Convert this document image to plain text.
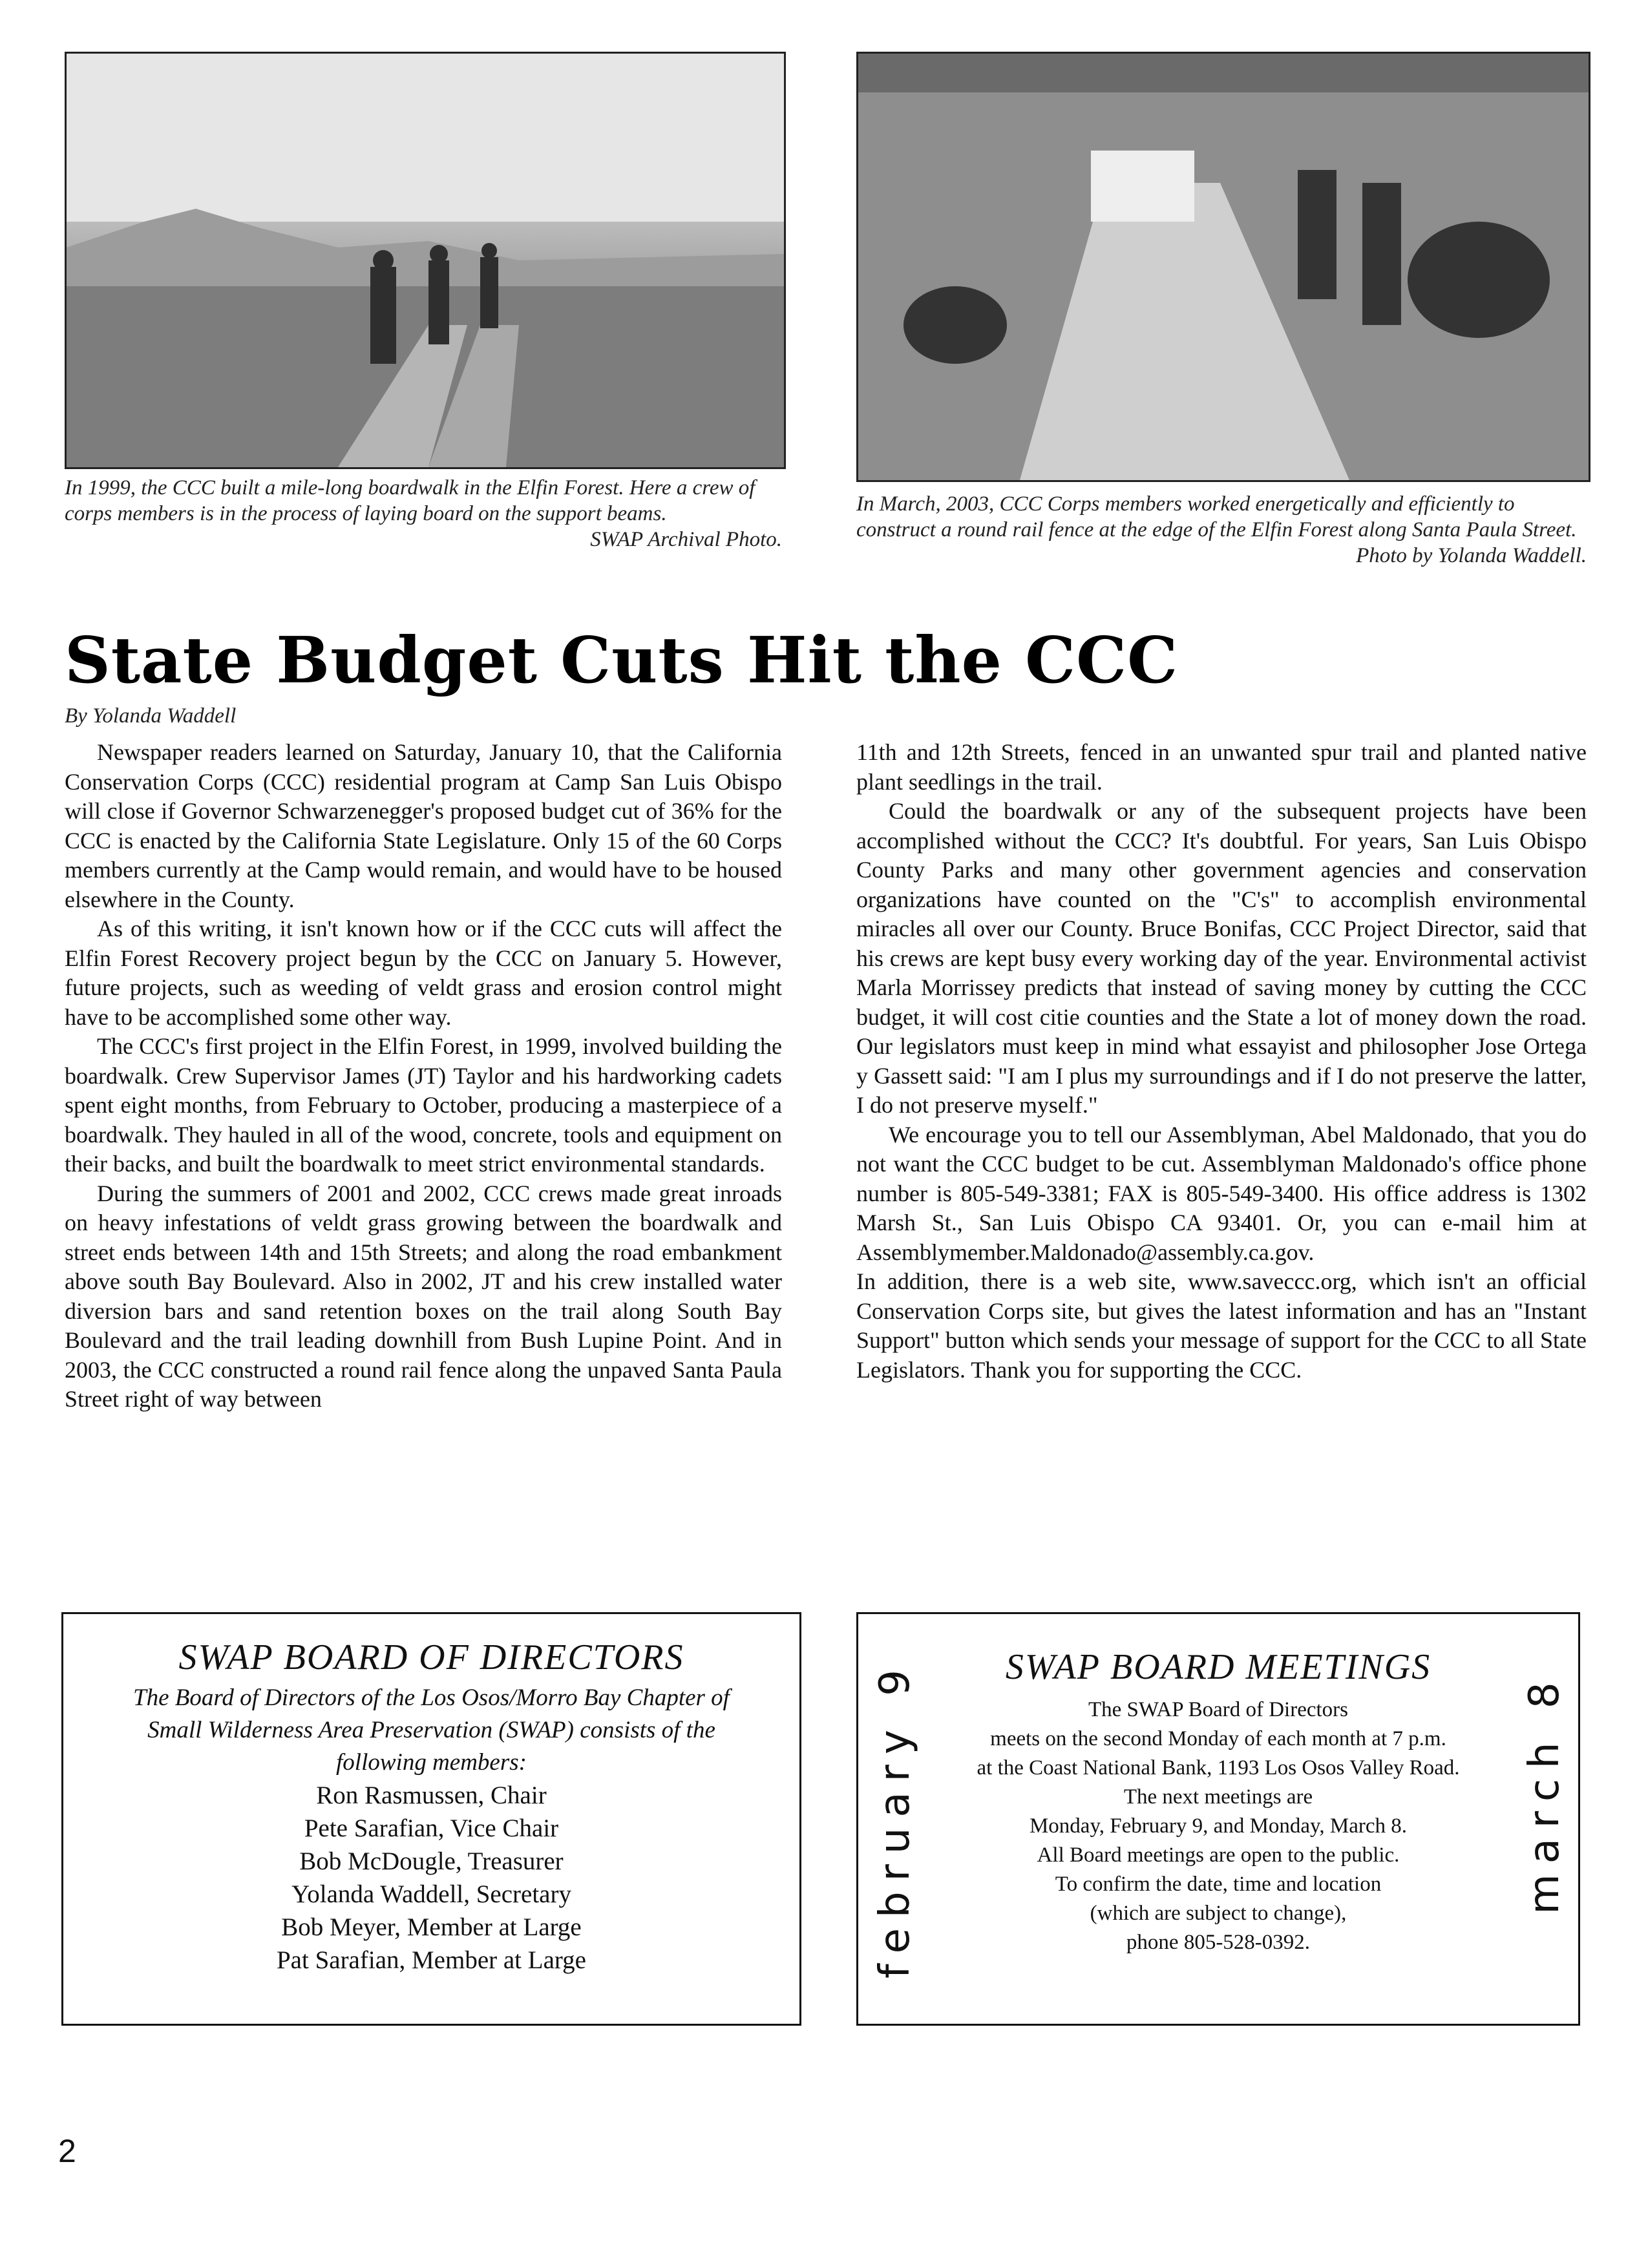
In 1999, the CCC built a mile-long boardwalk in the Elfin Forest. Here a crew of corps members is in the process of laying board on the support beams.
SWAP Archival Photo.
In March, 2003, CCC Corps members worked energetically and efficiently to construct a round rail fence at the edge of the Elfin Forest along Santa Paula Street.
Photo by Yolanda Waddell.
State Budget Cuts Hit the CCC
By Yolanda Waddell

Newspaper readers learned on Saturday, January 10, that the California Conservation Corps (CCC) residential program at Camp San Luis Obispo will close if Governor Schwarzenegger's proposed budget cut of 36% for the CCC is enacted by the California State Legislature. Only 15 of the 60 Corps members currently at the Camp would remain, and would have to be housed elsewhere in the County.

As of this writing, it isn't known how or if the CCC cuts will affect the Elfin Forest Recovery project begun by the CCC on January 5. However, future projects, such as weeding of veldt grass and erosion control might have to be accomplished some other way.

The CCC's first project in the Elfin Forest, in 1999, involved building the boardwalk. Crew Supervisor James (JT) Taylor and his hardworking cadets spent eight months, from February to October, producing a masterpiece of a boardwalk. They hauled in all of the wood, concrete, tools and equipment on their backs, and built the boardwalk to meet strict environmental standards.

During the summers of 2001 and 2002, CCC crews made great inroads on heavy infestations of veldt grass growing between the boardwalk and street ends between 14th and 15th Streets; and along the road embankment above south Bay Boulevard. Also in 2002, JT and his crew installed water diversion bars and sand retention boxes on the trail along South Bay Boulevard and the trail leading downhill from Bush Lupine Point. And in 2003, the CCC constructed a round rail fence along the unpaved Santa Paula Street right of way between

11th and 12th Streets, fenced in an unwanted spur trail and planted native plant seedlings in the trail.

Could the boardwalk or any of the subsequent projects have been accomplished without the CCC? It's doubtful. For years, San Luis Obispo County Parks and many other government agencies and conservation organizations have counted on the "C's" to accomplish environmental miracles all over our County. Bruce Bonifas, CCC Project Director, said that his crews are kept busy every working day of the year. Environmental activist Marla Morrissey predicts that instead of saving money by cutting the CCC budget, it will cost citie counties and the State a lot of money down the road. Our legislators must keep in mind what essayist and philosopher Jose Ortega y Gassett said: "I am I plus my surroundings and if I do not preserve the latter, I do not preserve myself."

We encourage you to tell our Assemblyman, Abel Maldonado, that you do not want the CCC budget to be cut. Assemblyman Maldonado's office phone number is 805-549-3381; FAX is 805-549-3400. His office address is 1302 Marsh St., San Luis Obispo CA 93401. Or, you can e-mail him at Assemblymember.Maldonado@assembly.ca.gov.

In addition, there is a web site, www.saveccc.org, which isn't an official Conservation Corps site, but gives the latest information and has an "Instant Support" button which sends your message of support for the CCC to all State Legislators. Thank you for supporting the CCC.

SWAP BOARD OF DIRECTORS

The Board of Directors of the Los Osos/Morro Bay Chapter of Small Wilderness Area Preservation (SWAP) consists of the following members:

Ron Rasmussen, Chair
Pete Sarafian, Vice Chair
Bob McDougle, Treasurer
Yolanda Waddell, Secretary
Bob Meyer, Member at Large
Pat Sarafian, Member at Large
SWAP BOARD MEETINGS
The SWAP Board of Directors
meets on the second Monday of each month at 7 p.m.
at the Coast National Bank, 1193 Los Osos Valley Road.
The next meetings are
Monday, February 9, and Monday, March 8.
All Board meetings are open to the public.
To confirm the date, time and location
(which are subject to change),
phone 805-528-0392.
february 9	march 8
2
